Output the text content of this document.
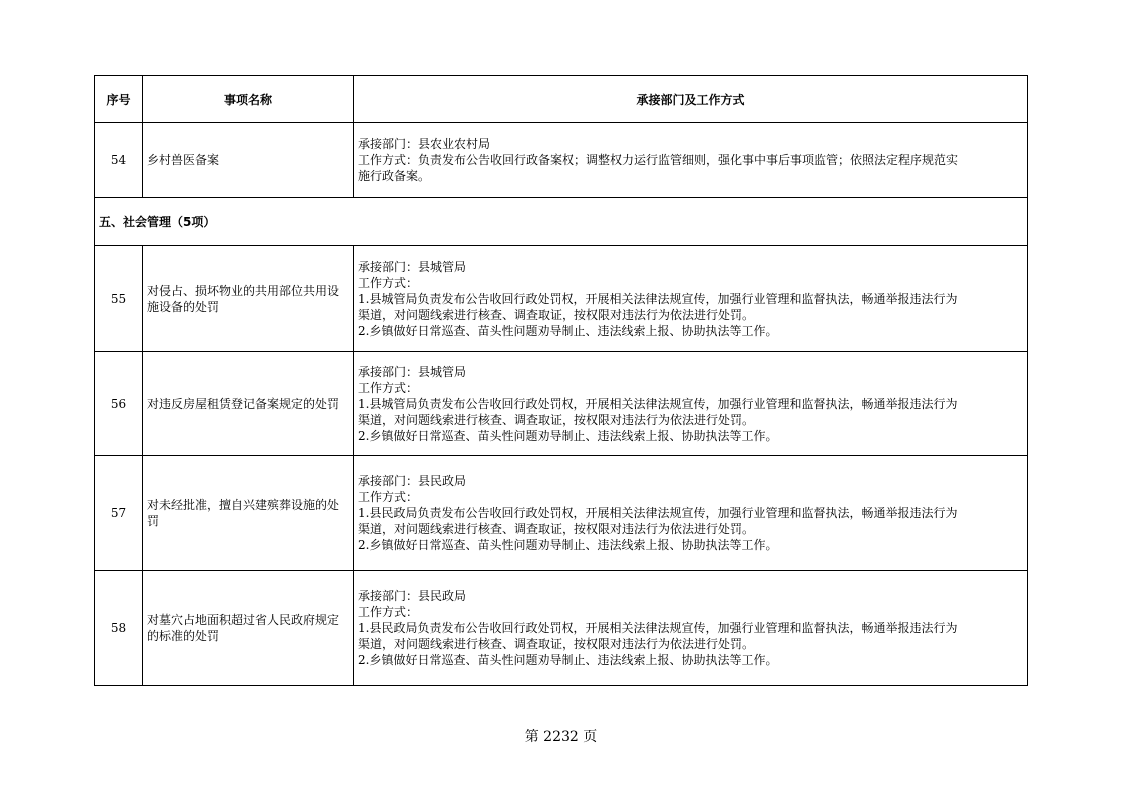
序号	事项名称	承接部门及工作方式
54	乡村兽医备案	承接部门：县农业农村局
工作方式：负责发布公告收回行政备案权；调整权力运行监管细则，强化事中事后事项监管；依照法定程序规范实
施行政备案。

五、社会管理（5项）		
55	对侵占、损坏物业的共用部位共用设施设备的处罚	承接部门：县城管局
工作方式：
1.县城管局负责发布公告收回行政处罚权，开展相关法律法规宣传，加强行业管理和监督执法，畅通举报违法行为
渠道，对问题线索进行核查、调查取证，按权限对违法行为依法进行处罚。
2.乡镇做好日常巡查、苗头性问题劝导制止、违法线索上报、协助执法等工作。

56	对违反房屋租赁登记备案规定的处罚	承接部门：县城管局
工作方式：
1.县城管局负责发布公告收回行政处罚权，开展相关法律法规宣传，加强行业管理和监督执法，畅通举报违法行为
渠道，对问题线索进行核查、调查取证，按权限对违法行为依法进行处罚。
2.乡镇做好日常巡查、苗头性问题劝导制止、违法线索上报、协助执法等工作。

57	对未经批准，擅自兴建殡葬设施的处罚	承接部门：县民政局
工作方式：
1.县民政局负责发布公告收回行政处罚权，开展相关法律法规宣传，加强行业管理和监督执法，畅通举报违法行为
渠道，对问题线索进行核查、调查取证，按权限对违法行为依法进行处罚。
2.乡镇做好日常巡查、苗头性问题劝导制止、违法线索上报、协助执法等工作。

58	对墓穴占地面积超过省人民政府规定的标准的处罚	承接部门：县民政局
工作方式：
1.县民政局负责发布公告收回行政处罚权，开展相关法律法规宣传，加强行业管理和监督执法，畅通举报违法行为
渠道，对问题线索进行核查、调查取证，按权限对违法行为依法进行处罚。
2.乡镇做好日常巡查、苗头性问题劝导制止、违法线索上报、协助执法等工作。
第 2232 页
